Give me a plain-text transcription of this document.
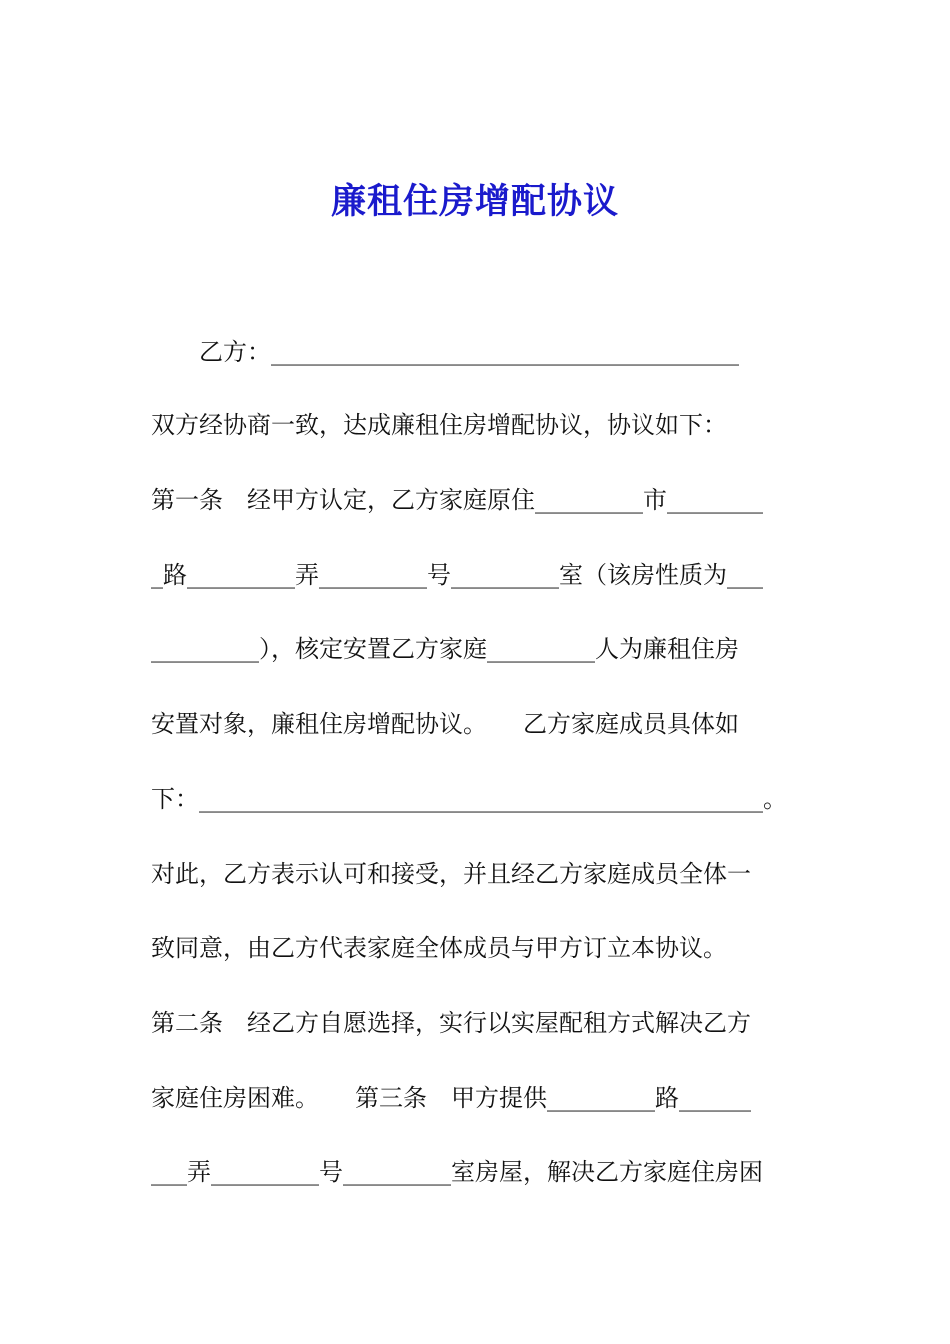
廉租住房增配协议
　　乙方：_______________________________________
双方经协商一致，达成廉租住房增配协议，协议如下：
第一条　经甲方认定，乙方家庭原住_________市________
_路_________弄_________号_________室（该房性质为___
_________），核定安置乙方家庭_________人为廉租住房
安置对象，廉租住房增配协议。　　乙方家庭成员具体如
下：_______________________________________________。
对此，乙方表示认可和接受，并且经乙方家庭成员全体一
致同意，由乙方代表家庭全体成员与甲方订立本协议。
第二条　经乙方自愿选择，实行以实屋配租方式解决乙方
家庭住房困难。　　第三条　甲方提供_________路______
___弄_________号_________室房屋，解决乙方家庭住房困
